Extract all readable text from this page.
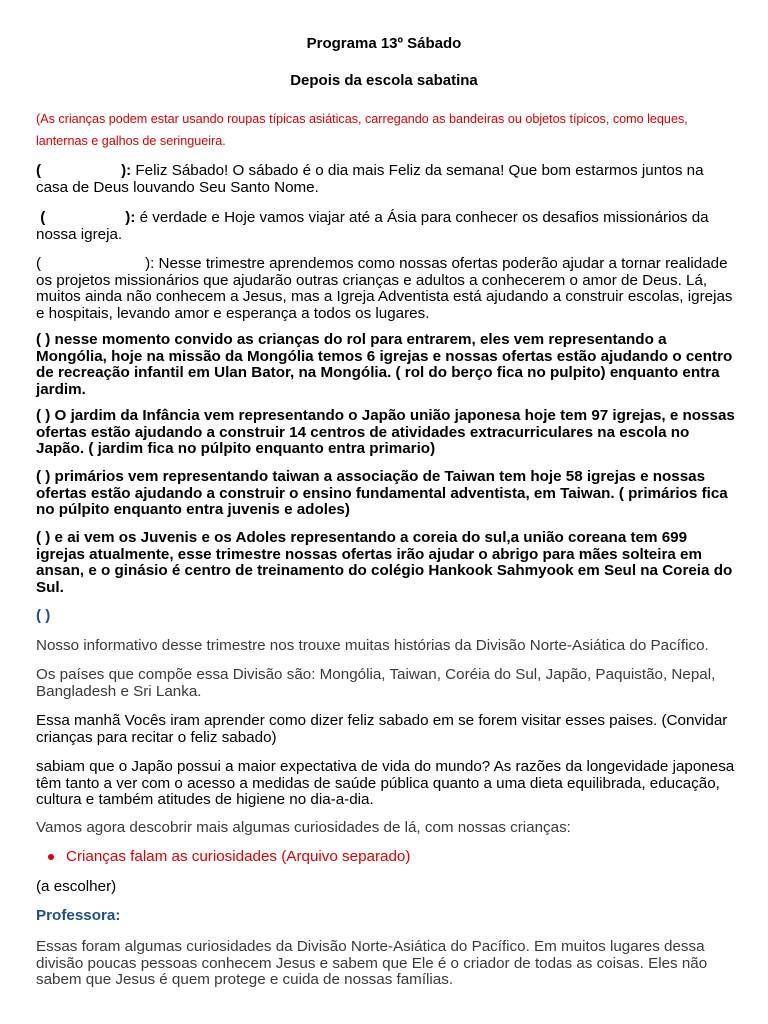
Programa 13º Sábado
Depois da escola sabatina
(As crianças podem estar usando roupas típicas asiáticas, carregando as bandeiras ou objetos típicos, como leques, lanternas e galhos de seringueira.
(	): Feliz Sábado! O sábado é o dia mais Feliz da semana! Que bom estarmos juntos na casa de Deus louvando Seu Santo Nome.
(	): é verdade e Hoje vamos viajar até a Ásia para conhecer os desafios missionários da nossa igreja.
(	): Nesse trimestre aprendemos como nossas ofertas poderão ajudar a tornar realidade os projetos missionários que ajudarão outras crianças e adultos a conhecerem o amor de Deus. Lá, muitos ainda não conhecem a Jesus, mas a Igreja Adventista está ajudando a construir escolas, igrejas e hospitais, levando amor e esperança a todos os lugares.
( ) nesse momento convido as crianças do rol para entrarem, eles vem representando a Mongólia, hoje na missão da Mongólia temos 6 igrejas e nossas ofertas estão ajudando o centro de recreação infantil em Ulan Bator, na Mongólia. ( rol do berço fica no pulpito) enquanto entra jardim.
( ) O jardim da Infância vem representando o Japão união japonesa hoje tem 97 igrejas, e nossas ofertas estão ajudando a construir 14 centros de atividades extracurriculares na escola no Japão. ( jardim fica no púlpito enquanto entra primario)
( ) primários vem representando taiwan a associação de Taiwan tem hoje 58 igrejas e nossas ofertas estão ajudando a construir o ensino fundamental adventista, em Taiwan. ( primários fica no púlpito enquanto entra juvenis e adoles)
( ) e ai vem os Juvenis e os Adoles representando a coreia do sul,a união coreana tem 699 igrejas atualmente, esse trimestre nossas ofertas irão ajudar o abrigo para mães solteira em ansan, e o ginásio é centro de treinamento do colégio Hankook Sahmyook em Seul na Coreia do Sul.
( )
Nosso informativo desse trimestre nos trouxe muitas histórias da Divisão Norte-Asiática do Pacífico.
Os países que compõe essa Divisão são: Mongólia, Taiwan, Coréia do Sul, Japão, Paquistão, Nepal, Bangladesh e Sri Lanka.
Essa manhã Vocês iram aprender como dizer feliz sabado em se forem visitar esses paises. (Convidar crianças para recitar o feliz sabado)
sabiam que o Japão possui a maior expectativa de vida do mundo? As razões da longevidade japonesa têm tanto a ver com o acesso a medidas de saúde pública quanto a uma dieta equilibrada, educação, cultura e também atitudes de higiene no dia-a-dia.
Vamos agora descobrir mais algumas curiosidades de lá, com nossas crianças:
Crianças falam as curiosidades (Arquivo separado)
(a escolher)
Professora:
Essas foram algumas curiosidades da Divisão Norte-Asiática do Pacífico. Em muitos lugares dessa divisão poucas pessoas conhecem Jesus e sabem que Ele é o criador de todas as coisas. Eles não sabem que Jesus é quem protege e cuida de nossas famílias.
